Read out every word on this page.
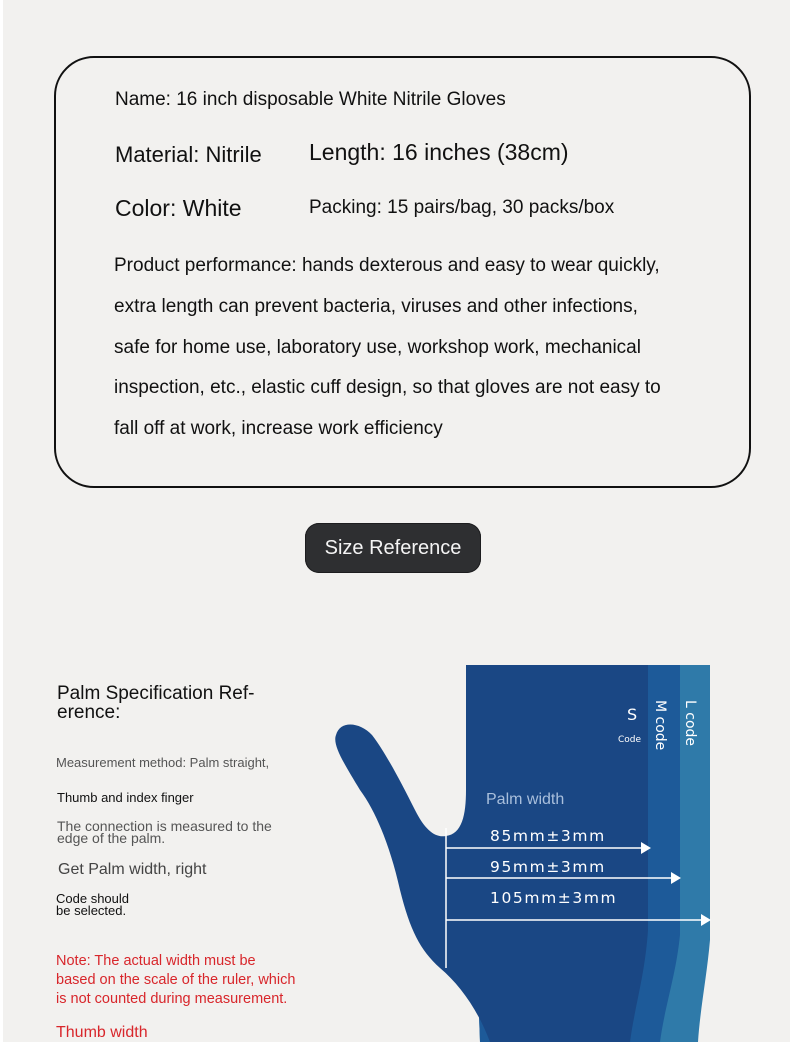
Name: 16 inch disposable White Nitrile Gloves
Material: Nitrile Length: 16 inches (38cm)
Color: White	Packing: 15 pairs/bag, 30 packs/box
Product performance: hands dexterous and easy to wear quickly,
extra length can prevent bacteria, viruses and other infections,
safe for home use, laboratory use, workshop work, mechanical
inspection, etc., elastic cuff design, so that gloves are not easy to
fall off at work, increase work efficiency
Size Reference
Palm Specification Ref-
erence:
Measurement method: Palm straight,
Thumb and index finger
The connection is measured to the
edge of the palm.
Get Palm width, right
Code should
be selected.
Note: The actual width must be
based on the scale of the ruler, which
is not counted during measurement.
Thumb width
Palm width
85mm±3mm
95mm±3mm
105mm±3mm
S
Code M code L code
